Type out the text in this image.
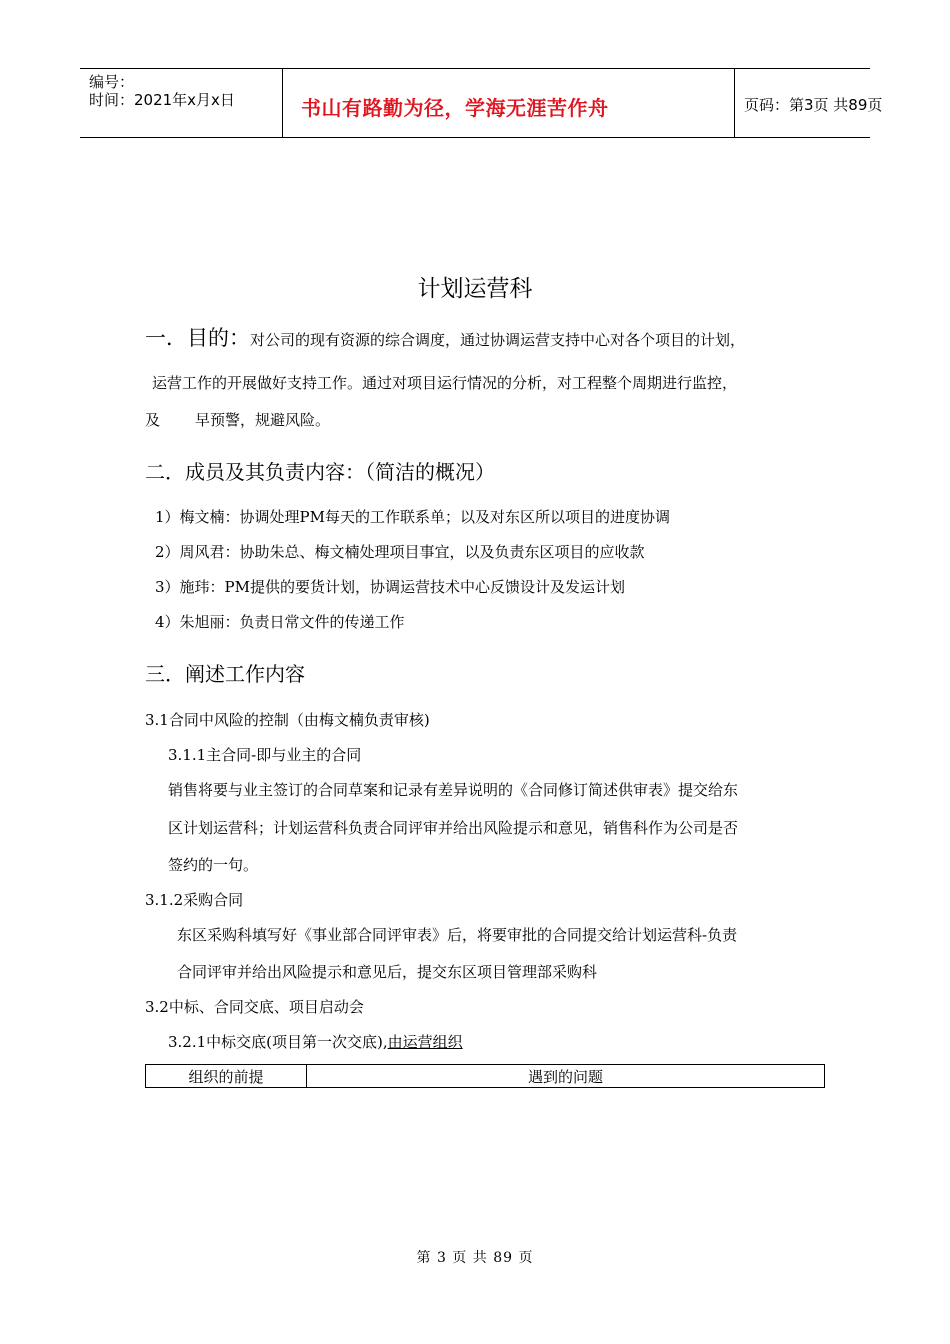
编号：
时间：2021年x月x日	书山有路勤为径，学海无涯苦作舟	页码：第3页 共89页
计划运营科
一．目的：对公司的现有资源的综合调度，通过协调运营支持中心对各个项目的计划，
运营工作的开展做好支持工作。通过对项目运行情况的分析，对工程整个周期进行监控，
及 早预警，规避风险。
二．成员及其负责内容：（简洁的概况）
1）梅文楠：协调处理PM每天的工作联系单；以及对东区所以项目的进度协调
2）周风君：协助朱总、梅文楠处理项目事宜，以及负责东区项目的应收款
3）施玮：PM提供的要货计划，协调运营技术中心反馈设计及发运计划
4）朱旭丽：负责日常文件的传递工作
三．阐述工作内容
3.1合同中风险的控制（由梅文楠负责审核)
3.1.1主合同-即与业主的合同
销售将要与业主签订的合同草案和记录有差异说明的《合同修订简述供审表》提交给东
区计划运营科；计划运营科负责合同评审并给出风险提示和意见，销售科作为公司是否
签约的一句。
3.1.2采购合同
东区采购科填写好《事业部合同评审表》后，将要审批的合同提交给计划运营科-负责
合同评审并给出风险提示和意见后，提交东区项目管理部采购科
3.2中标、合同交底、项目启动会
3.2.1中标交底(项目第一次交底),由运营组织
组织的前提	遇到的问题
第 3 页 共 89 页
